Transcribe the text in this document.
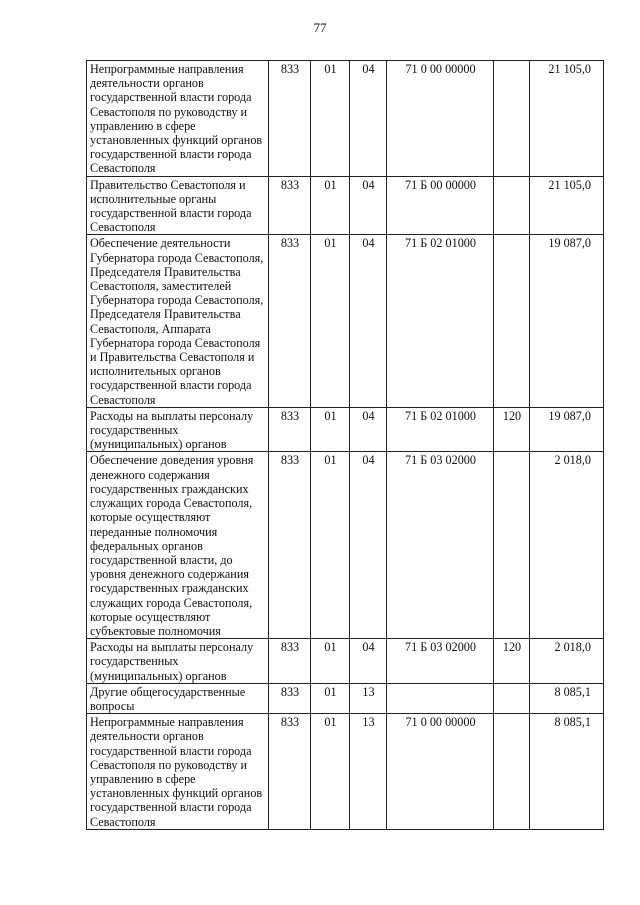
77
Непрограммные направления деятельности органов государственной власти города Севастополя по руководству и управлению в сфере установленных функций органов государственной власти города Севастополя	833	01	04	71 0 00 00000		21 105,0
Правительство Севастополя и исполнительные органы государственной власти города Севастополя	833	01	04	71 Б 00 00000		21 105,0
Обеспечение деятельности Губернатора города Севастополя, Председателя Правительства Севастополя, заместителей Губернатора города Севастополя, Председателя Правительства Севастополя, Аппарата Губернатора города Севастополя и Правительства Севастополя и исполнительных органов государственной власти города Севастополя	833	01	04	71 Б 02 01000		19 087,0
Расходы на выплаты персоналу государственных (муниципальных) органов	833	01	04	71 Б 02 01000	120	19 087,0
Обеспечение доведения уровня денежного содержания государственных гражданских служащих города Севастополя, которые осуществляют переданные полномочия федеральных органов государственной власти, до уровня денежного содержания государственных гражданских служащих города Севастополя, которые осуществляют субъектовые полномочия	833	01	04	71 Б 03 02000		2 018,0
Расходы на выплаты персоналу государственных (муниципальных) органов	833	01	04	71 Б 03 02000	120	2 018,0
Другие общегосударственные вопросы	833	01	13			8 085,1
Непрограммные направления деятельности органов государственной власти города Севастополя по руководству и управлению в сфере установленных функций органов государственной власти города Севастополя	833	01	13	71 0 00 00000		8 085,1
